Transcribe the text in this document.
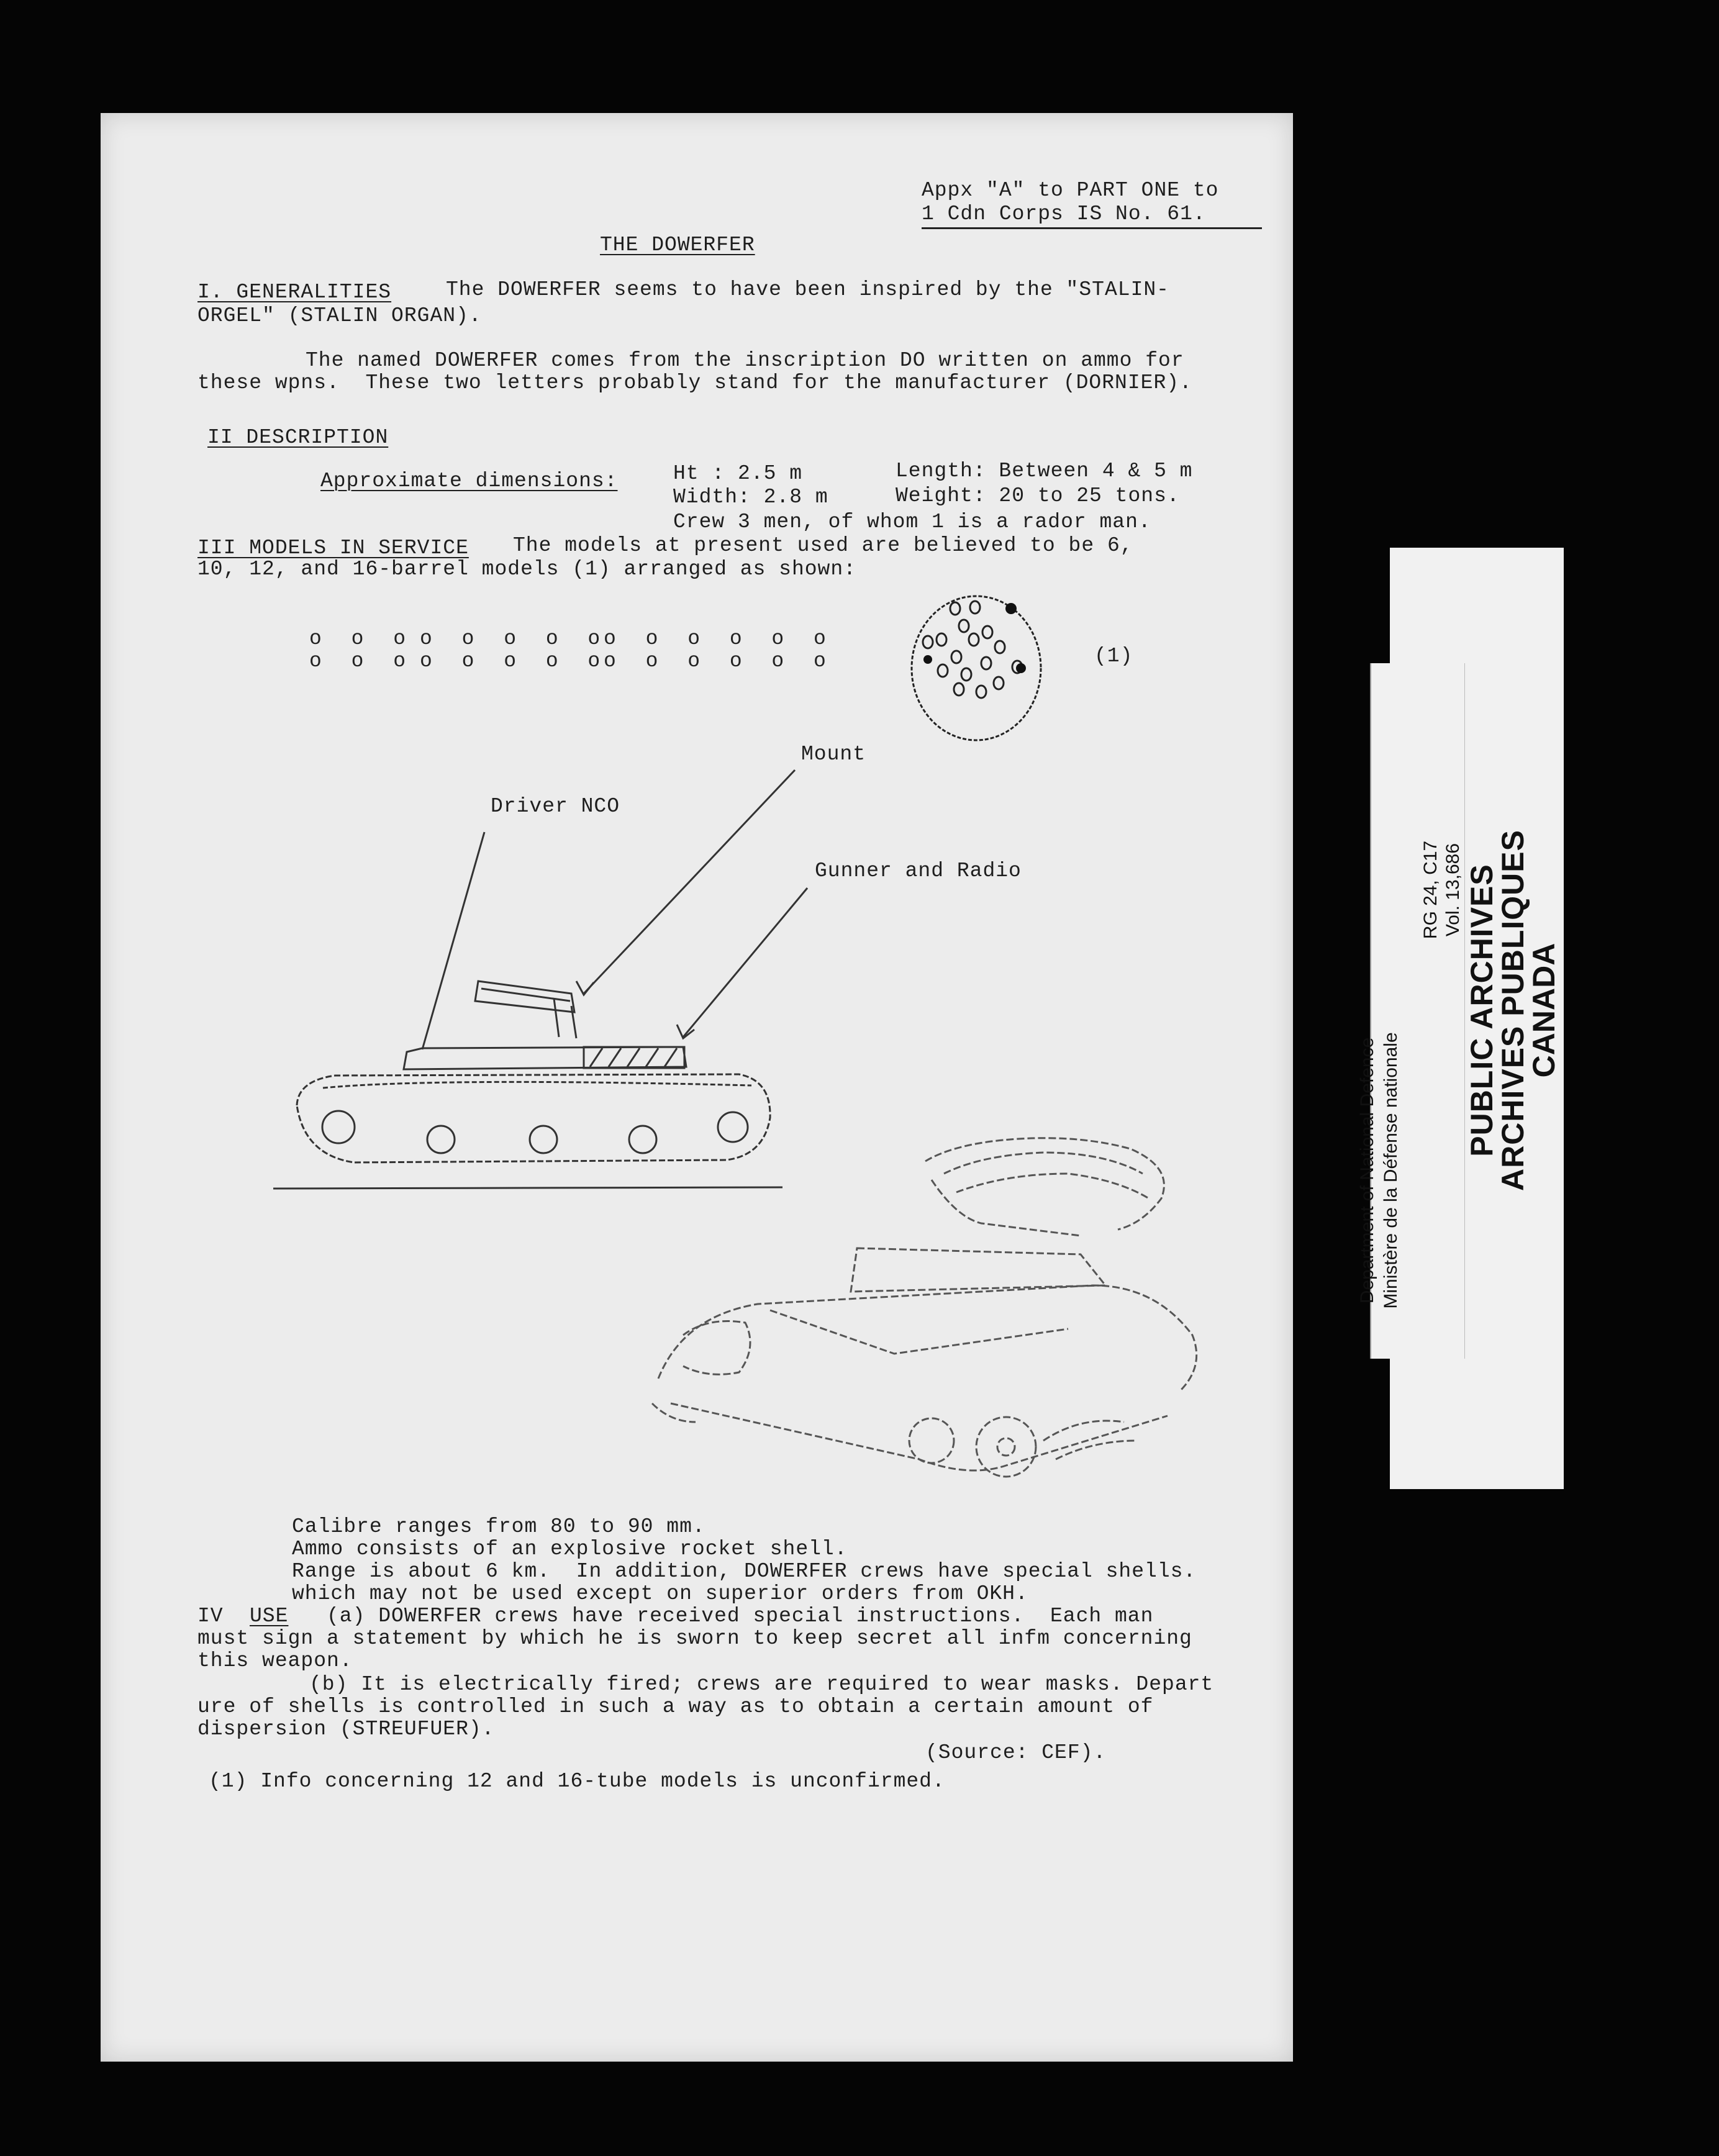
Appx "A" to PART ONE to
1 Cdn Corps IS No. 61.
THE DOWERFER
I. GENERALITIES	The DOWERFER seems to have been inspired by the "STALIN-
ORGEL" (STALIN ORGAN).
The named DOWERFER comes from the inscription DO written on ammo for
these wpns.  These two letters probably stand for the manufacturer (DORNIER).
II DESCRIPTION
Approximate dimensions:	Ht : 2.5 m	Length: Between 4 & 5 m
Width: 2.8 m	Weight: 20 to 25 tons.
Crew 3 men, of whom 1 is a rador man.
III MODELS IN SERVICE The models at present used are believed to be 6,
10, 12, and 16-barrel models (1) arranged as shown:
o o o o o o o o
o o o o o o
o o o o o o o o
o o o o o o	(1)
Mount
Driver NCO
Gunner and Radio
Calibre ranges from 80 to 90 mm.
Ammo consists of an explosive rocket shell.
Range is about 6 km.  In addition, DOWERFER crews have special shells.
which may not be used except on superior orders from OKH.
IV USE (a) DOWERFER crews have received special instructions.  Each man
must sign a statement by which he is sworn to keep secret all infm concerning
this weapon.
(b) It is electrically fired; crews are required to wear masks. Depart
ure of shells is controlled in such a way as to obtain a certain amount of
dispersion (STREUFUER).
(Source: CEF).
(1) Info concerning 12 and 16-tube models is unconfirmed.
RG 24, C17 Vol. 13,686
Department of National Defence Ministère de la Défense nationale
PUBLIC ARCHIVES
ARCHIVES PUBLIQUES
CANADA
